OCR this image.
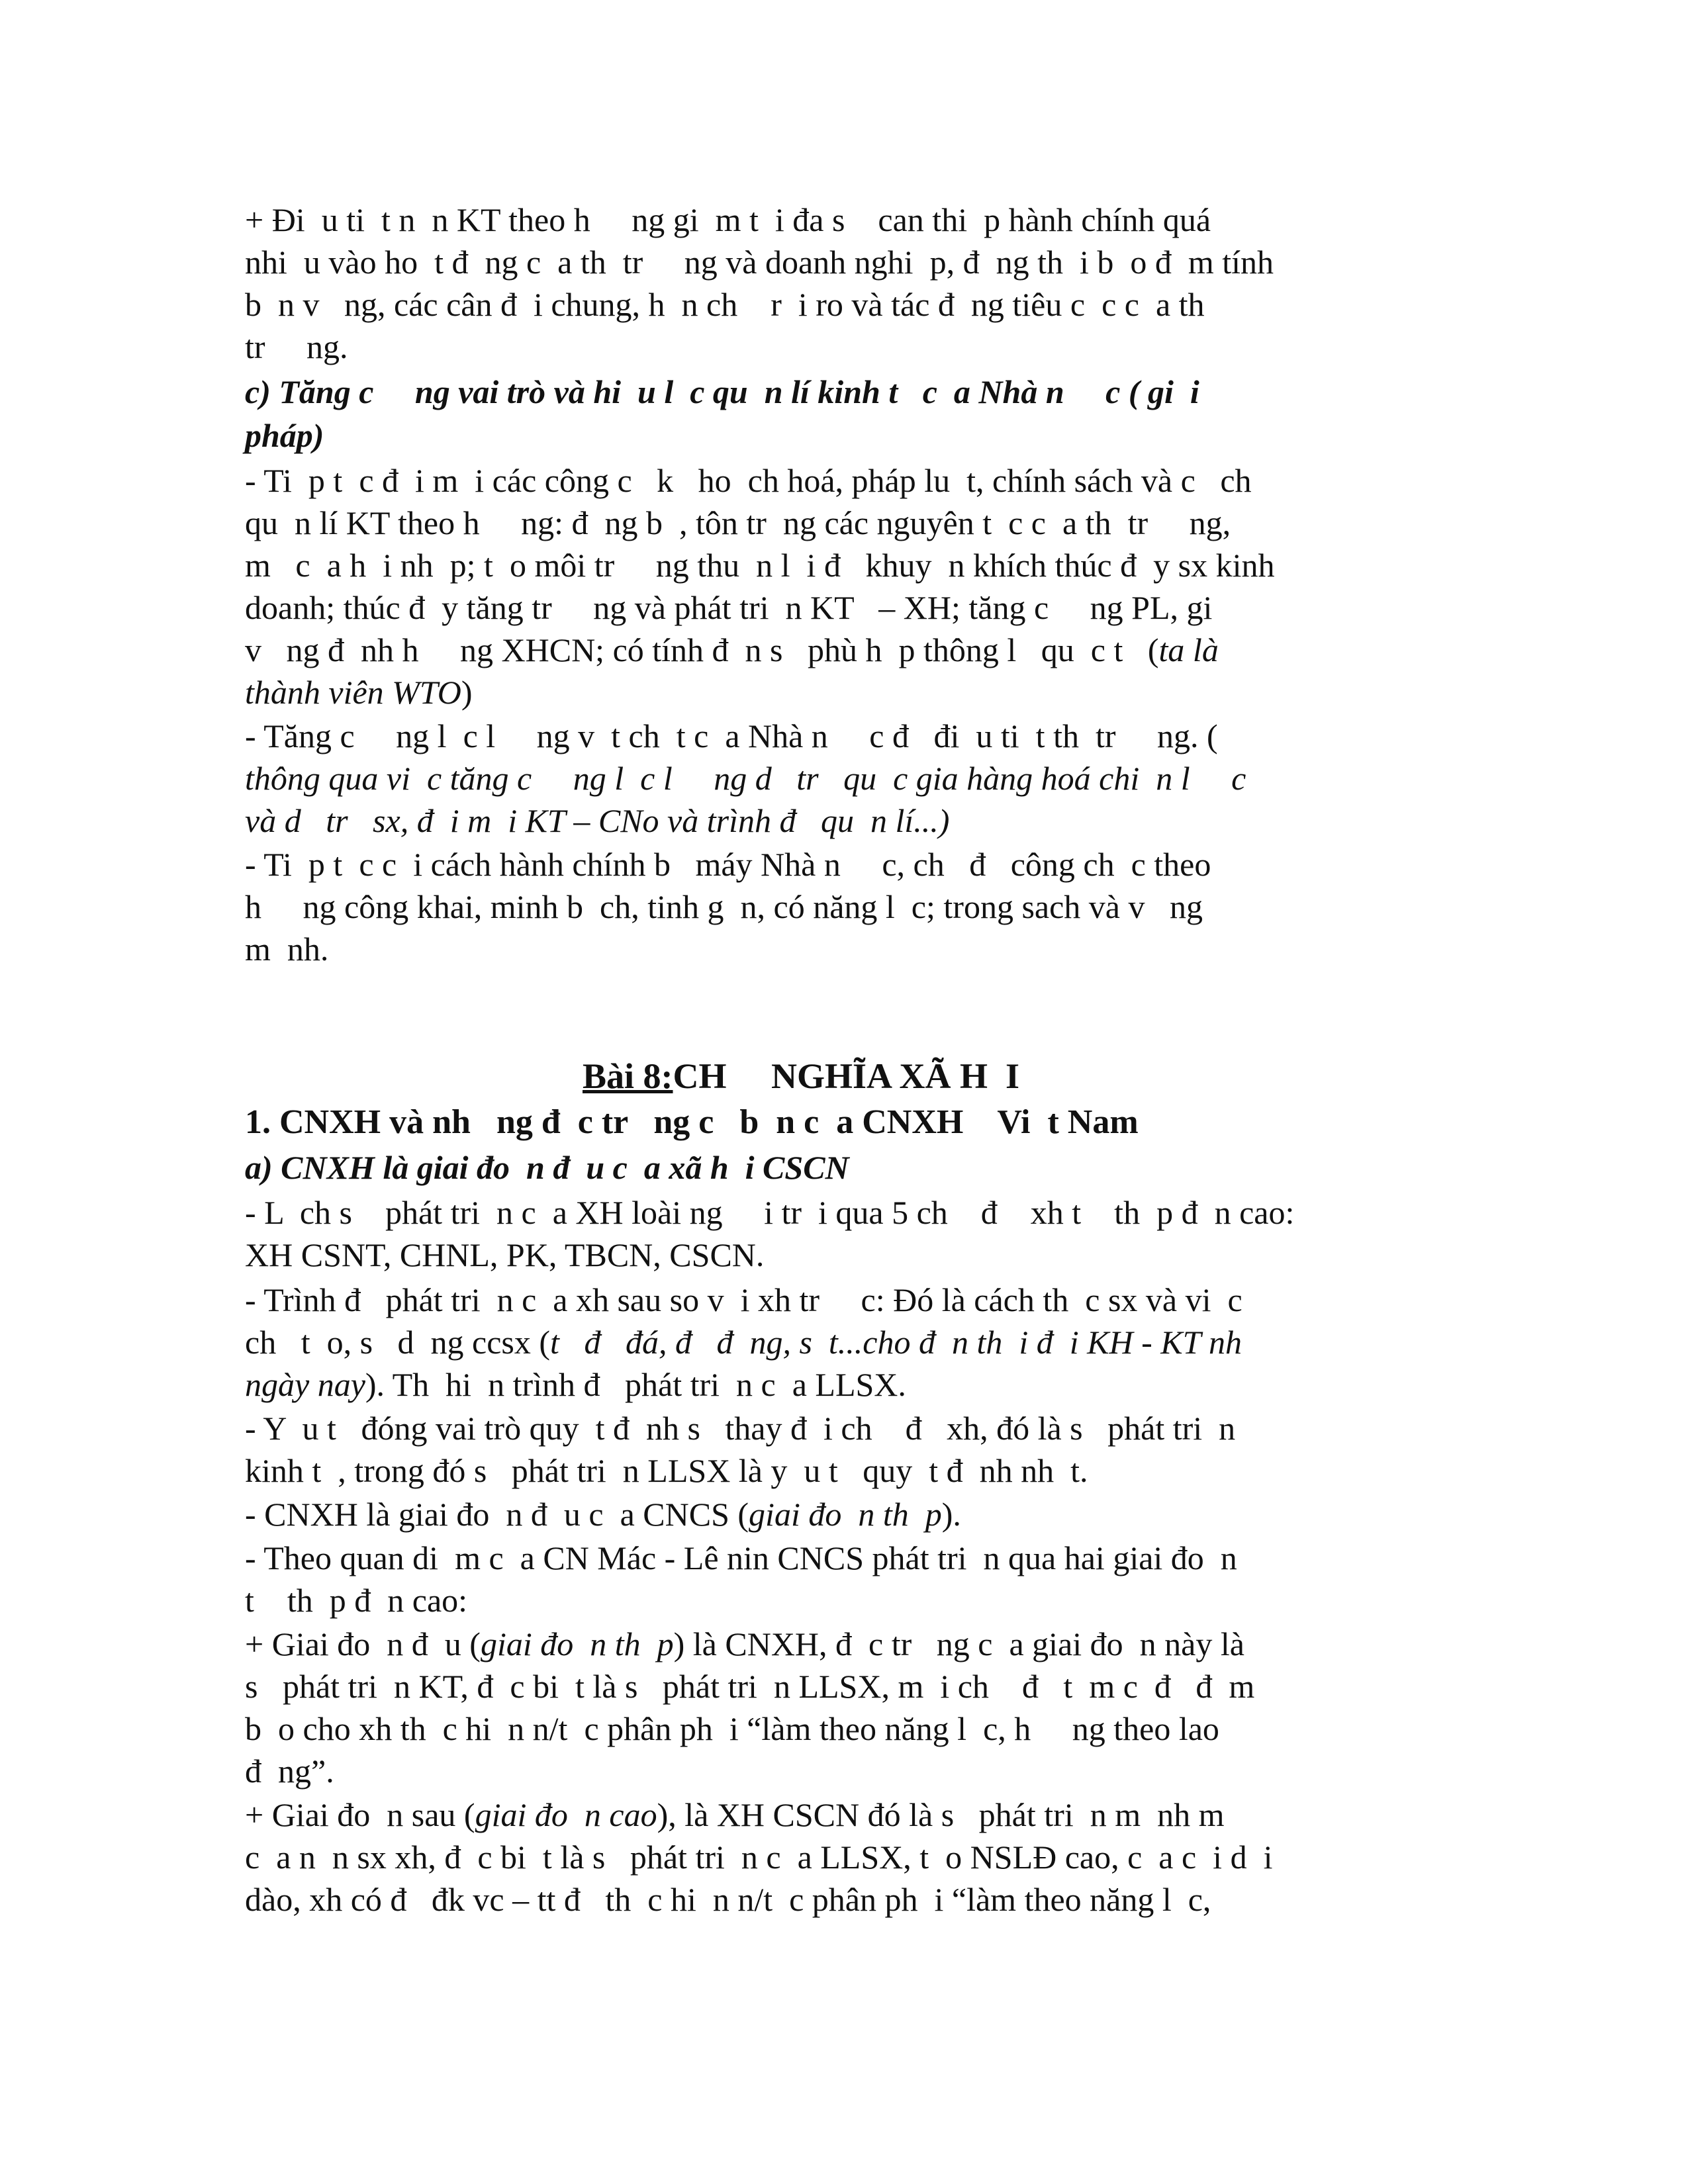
+ Đi  u ti  t n  n KT theo h     ng gi  m t  i đa s    can thi  p hành chính quá
nhi  u vào ho  t đ  ng c  a th  tr     ng và doanh nghi  p, đ  ng th  i b  o đ  m tính
b  n v   ng, các cân đ  i chung, h  n ch    r  i ro và tác đ  ng tiêu c  c c  a th
tr     ng.
c) Tăng c     ng vai trò và hi  u l  c qu  n lí kinh t   c  a Nhà n     c ( gi  i
pháp)
- Ti  p t  c đ  i m  i các công c   k   ho  ch hoá, pháp lu  t, chính sách và c   ch
qu  n lí KT theo h     ng: đ  ng b  , tôn tr  ng các nguyên t  c c  a th  tr     ng,
m   c  a h  i nh  p; t  o môi tr     ng thu  n l  i đ   khuy  n khích thúc đ  y sx kinh
doanh; thúc đ  y tăng tr     ng và phát tri  n KT   – XH; tăng c     ng PL, gi
v   ng đ  nh h     ng XHCN; có tính đ  n s   phù h  p thông l   qu  c t   (ta là
thành viên WTO)
- Tăng c     ng l  c l     ng v  t ch  t c  a Nhà n     c đ   đi  u ti  t th  tr     ng. (
thông qua vi  c tăng c     ng l  c l     ng d   tr   qu  c gia hàng hoá chi  n l     c
và d   tr   sx, đ  i m  i KT – CNo và trình đ   qu  n lí...)
- Ti  p t  c c  i cách hành chính b   máy Nhà n     c, ch   đ   công ch  c theo
h     ng công khai, minh b  ch, tinh g  n, có năng l  c; trong sach và v   ng
m  nh.
Bài 8:CH     NGHĨA XÃ H  I
1. CNXH và nh   ng đ  c tr   ng c   b  n c  a CNXH    Vi  t Nam
a) CNXH là giai đo  n đ  u c  a xã h  i CSCN
- L  ch s    phát tri  n c  a XH loài ng     i tr  i qua 5 ch    đ    xh t    th  p đ  n cao:
XH CSNT, CHNL, PK, TBCN, CSCN.
- Trình đ   phát tri  n c  a xh sau so v  i xh tr     c: Đó là cách th  c sx và vi  c
ch   t  o, s   d  ng ccsx (t   đ   đá, đ   đ  ng, s  t...cho đ  n th  i đ  i KH - KT nh
ngày nay). Th  hi  n trình đ   phát tri  n c  a LLSX.
- Y  u t   đóng vai trò quy  t đ  nh s   thay đ  i ch    đ   xh, đó là s   phát tri  n
kinh t  , trong đó s   phát tri  n LLSX là y  u t   quy  t đ  nh nh  t.
- CNXH là giai đo  n đ  u c  a CNCS (giai đo  n th  p).
- Theo quan di  m c  a CN Mác - Lê nin CNCS phát tri  n qua hai giai đo  n
t    th  p đ  n cao:
+ Giai đo  n đ  u (giai đo  n th  p) là CNXH, đ  c tr   ng c  a giai đo  n này là
s   phát tri  n KT, đ  c bi  t là s   phát tri  n LLSX, m  i ch    đ   t  m c  đ   đ  m
b  o cho xh th  c hi  n n/t  c phân ph  i “làm theo năng l  c, h     ng theo lao
đ  ng”.
+ Giai đo  n sau (giai đo  n cao), là XH CSCN đó là s   phát tri  n m  nh m
c  a n  n sx xh, đ  c bi  t là s   phát tri  n c  a LLSX, t  o NSLĐ cao, c  a c  i d  i
dào, xh có đ   đk vc – tt đ   th  c hi  n n/t  c phân ph  i “làm theo năng l  c,
